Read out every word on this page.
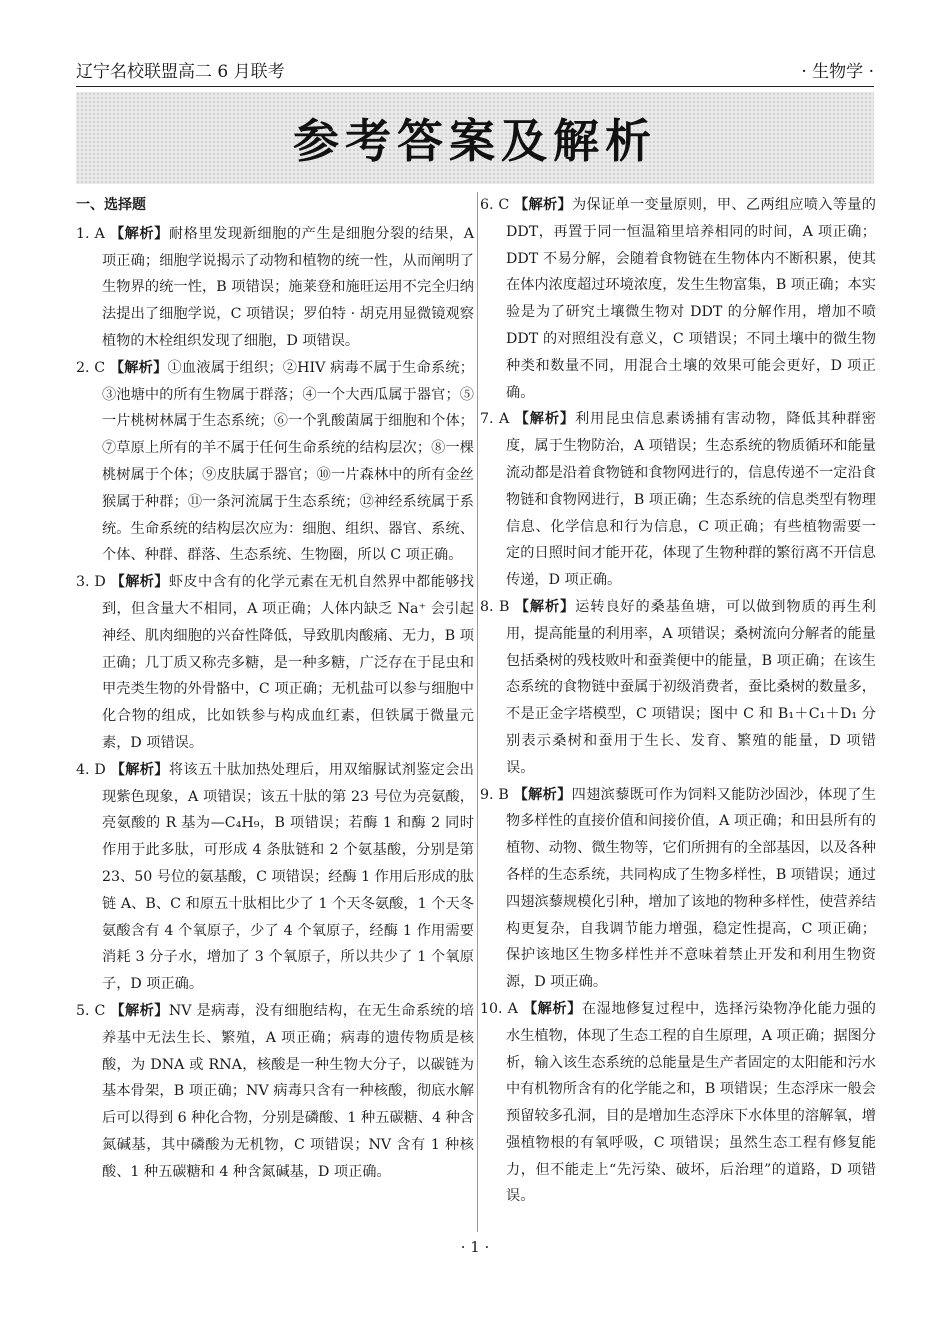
辽宁名校联盟高二 6 月联考	· 生物学 ·
参考答案及解析

一、选择题

1. A 【解析】耐格里发现新细胞的产生是细胞分裂的结果，A 项正确；细胞学说揭示了动物和植物的统一性，从而阐明了生物界的统一性，B 项错误；施莱登和施旺运用不完全归纳法提出了细胞学说，C 项错误；罗伯特 · 胡克用显微镜观察植物的木栓组织发现了细胞，D 项错误。

2. C 【解析】①血液属于组织；②HIV 病毒不属于生命系统；③池塘中的所有生物属于群落；④一个大西瓜属于器官；⑤一片桃树林属于生态系统；⑥一个乳酸菌属于细胞和个体；⑦草原上所有的羊不属于任何生命系统的结构层次；⑧一棵桃树属于个体；⑨皮肤属于器官；⑩一片森林中的所有金丝猴属于种群；⑪一条河流属于生态系统；⑫神经系统属于系统。生命系统的结构层次应为：细胞、组织、器官、系统、个体、种群、群落、生态系统、生物圈，所以 C 项正确。

3. D 【解析】虾皮中含有的化学元素在无机自然界中都能够找到，但含量大不相同，A 项正确；人体内缺乏 Na⁺ 会引起神经、肌肉细胞的兴奋性降低，导致肌肉酸痛、无力，B 项正确；几丁质又称壳多糖，是一种多糖，广泛存在于昆虫和甲壳类生物的外骨骼中，C 项正确；无机盐可以参与细胞中化合物的组成，比如铁参与构成血红素，但铁属于微量元素，D 项错误。

4. D 【解析】将该五十肽加热处理后，用双缩脲试剂鉴定会出现紫色现象，A 项错误；该五十肽的第 23 号位为亮氨酸，亮氨酸的 R 基为—C₄H₉，B 项错误；若酶 1 和酶 2 同时作用于此多肽，可形成 4 条肽链和 2 个氨基酸，分别是第 23、50 号位的氨基酸，C 项错误；经酶 1 作用后形成的肽链 A、B、C 和原五十肽相比少了 1 个天冬氨酸，1 个天冬氨酸含有 4 个氧原子，少了 4 个氧原子，经酶 1 作用需要消耗 3 分子水，增加了 3 个氧原子，所以共少了 1 个氧原子，D 项正确。

5. C 【解析】NV 是病毒，没有细胞结构，在无生命系统的培养基中无法生长、繁殖，A 项正确；病毒的遗传物质是核酸，为 DNA 或 RNA，核酸是一种生物大分子，以碳链为基本骨架，B 项正确；NV 病毒只含有一种核酸，彻底水解后可以得到 6 种化合物，分别是磷酸、1 种五碳糖、4 种含氮碱基，其中磷酸为无机物，C 项错误；NV 含有 1 种核酸、1 种五碳糖和 4 种含氮碱基，D 项正确。

6. C 【解析】为保证单一变量原则，甲、乙两组应喷入等量的 DDT，再置于同一恒温箱里培养相同的时间，A 项正确；DDT 不易分解，会随着食物链在生物体内不断积累，使其在体内浓度超过环境浓度，发生生物富集，B 项正确；本实验是为了研究土壤微生物对 DDT 的分解作用，增加不喷 DDT 的对照组没有意义，C 项错误；不同土壤中的微生物种类和数量不同，用混合土壤的效果可能会更好，D 项正确。

7. A 【解析】利用昆虫信息素诱捕有害动物，降低其种群密度，属于生物防治，A 项错误；生态系统的物质循环和能量流动都是沿着食物链和食物网进行的，信息传递不一定沿食物链和食物网进行，B 项正确；生态系统的信息类型有物理信息、化学信息和行为信息，C 项正确；有些植物需要一定的日照时间才能开花，体现了生物种群的繁衍离不开信息传递，D 项正确。

8. B 【解析】运转良好的桑基鱼塘，可以做到物质的再生利用，提高能量的利用率，A 项错误；桑树流向分解者的能量包括桑树的残枝败叶和蚕粪便中的能量，B 项正确；在该生态系统的食物链中蚕属于初级消费者，蚕比桑树的数量多，不是正金字塔模型，C 项错误；图中 C 和 B₁＋C₁＋D₁ 分别表示桑树和蚕用于生长、发育、繁殖的能量，D 项错误。

9. B 【解析】四翅滨藜既可作为饲料又能防沙固沙，体现了生物多样性的直接价值和间接价值，A 项正确；和田县所有的植物、动物、微生物等，它们所拥有的全部基因，以及各种各样的生态系统，共同构成了生物多样性，B 项错误；通过四翅滨藜规模化引种，增加了该地的物种多样性，使营养结构更复杂，自我调节能力增强，稳定性提高，C 项正确；保护该地区生物多样性并不意味着禁止开发和利用生物资源，D 项正确。

10. A 【解析】在湿地修复过程中，选择污染物净化能力强的水生植物，体现了生态工程的自生原理，A 项正确；据图分析，输入该生态系统的总能量是生产者固定的太阳能和污水中有机物所含有的化学能之和，B 项错误；生态浮床一般会预留较多孔洞，目的是增加生态浮床下水体里的溶解氧，增强植物根的有氧呼吸，C 项错误；虽然生态工程有修复能力，但不能走上“先污染、破坏，后治理”的道路，D 项错误。

· 1 ·
